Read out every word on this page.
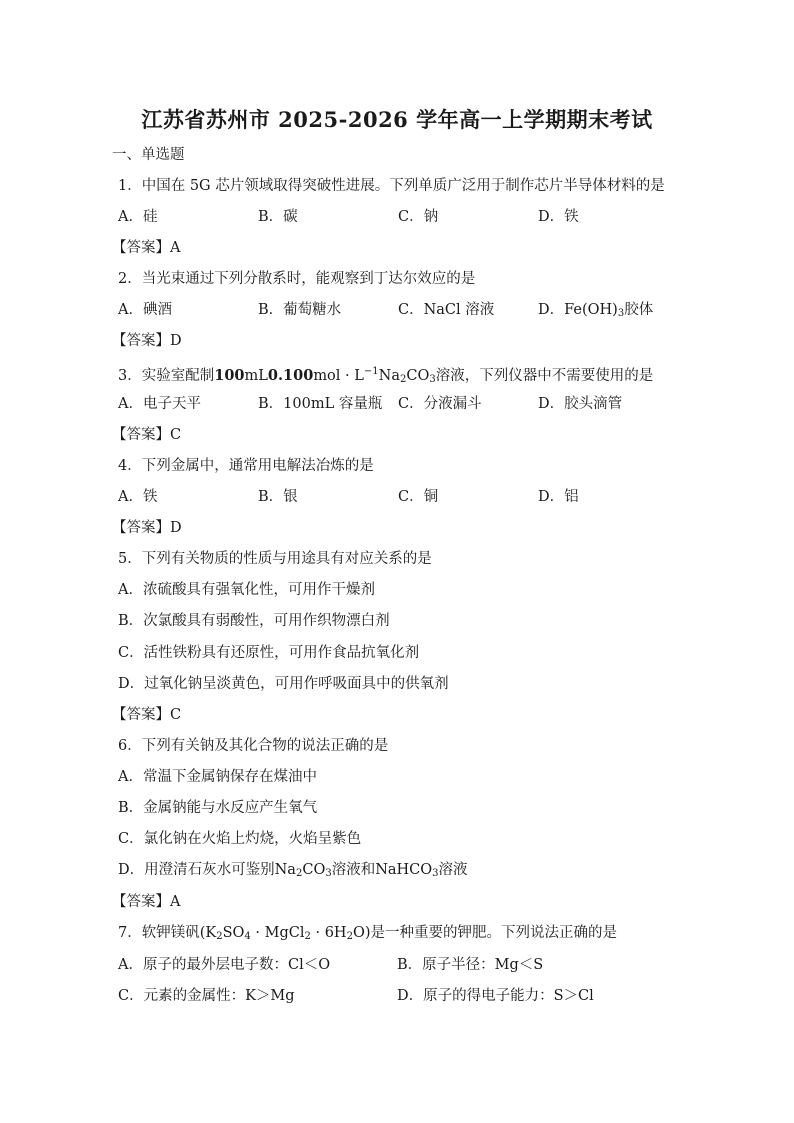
江苏省苏州市 2025-2026 学年高一上学期期末考试
一、单选题
1．中国在 5G 芯片领域取得突破性进展。下列单质广泛用于制作芯片半导体材料的是
A．硅	B．碳	C．钠	D．铁
【答案】A
2．当光束通过下列分散系时，能观察到丁达尔效应的是
A．碘酒	B．葡萄糖水	C．NaCl 溶液	D．$Fe(OH)_3$胶体
【答案】D
3．实验室配制$100mL0.100mol \cdot L^{-1}Na_2CO_3$溶液，下列仪器中不需要使用的是
A．电子天平	B．100mL 容量瓶 C．分液漏斗	D．胶头滴管
【答案】C
4．下列金属中，通常用电解法冶炼的是
A．铁	B．银	C．铜	D．铝
【答案】D
5．下列有关物质的性质与用途具有对应关系的是
A．浓硫酸具有强氧化性，可用作干燥剂
B．次氯酸具有弱酸性，可用作织物漂白剂
C．活性铁粉具有还原性，可用作食品抗氧化剂
D．过氧化钠呈淡黄色，可用作呼吸面具中的供氧剂
【答案】C
6．下列有关钠及其化合物的说法正确的是
A．常温下金属钠保存在煤油中
B．金属钠能与水反应产生氧气
C．氯化钠在火焰上灼烧，火焰呈紫色
D．用澄清石灰水可鉴别$Na_2CO_3$溶液和NaHCO$_3$溶液
【答案】A
7．软钾镁矾($K_2SO_4$ · MgCl$_2$ · $6H_2O$)是一种重要的钾肥。下列说法正确的是
A．原子的最外层电子数：Cl＜O	B．原子半径：Mg＜S
C．元素的金属性：K＞Mg	D．原子的得电子能力：S＞Cl
